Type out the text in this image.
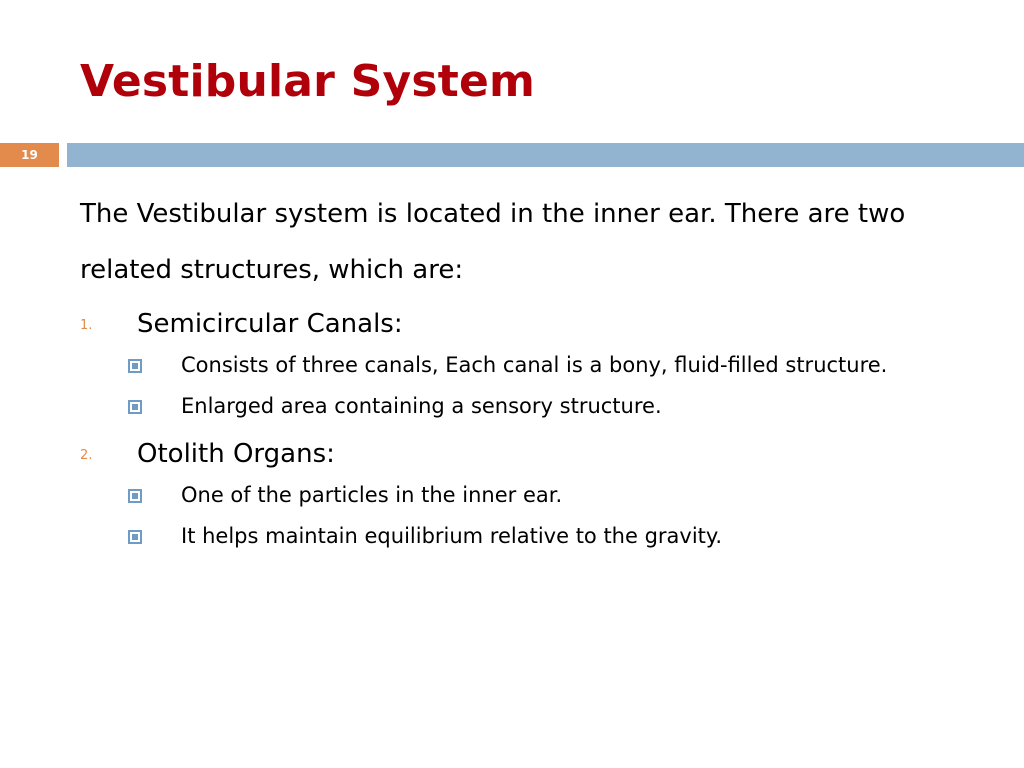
Vestibular System
19

The Vestibular system is located in the inner ear. There are two related structures, which are:

1. Semicircular Canals:
Consists of three canals, Each canal is a bony, fluid-filled structure.
Enlarged area containing a sensory structure.
2. Otolith Organs:
One of the particles in the inner ear.
It helps maintain equilibrium relative to the gravity.
